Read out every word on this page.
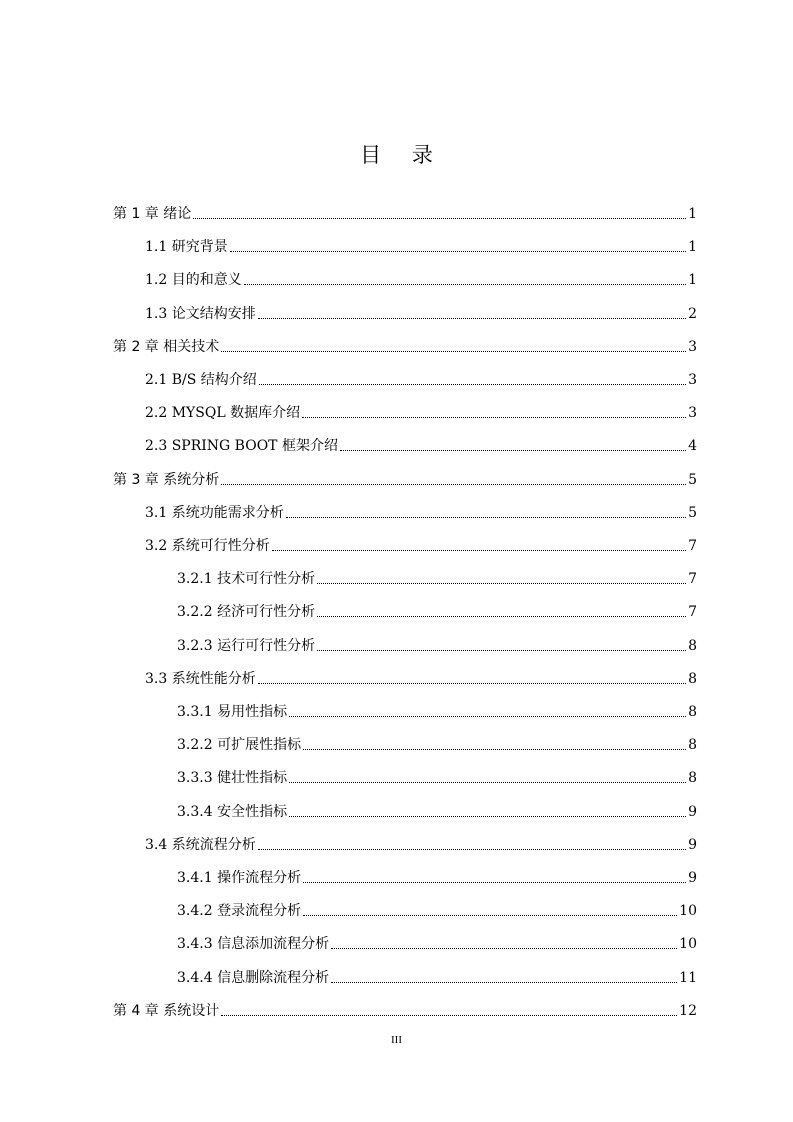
目 录
第 1 章 绪论	1
1.1 研究背景	1
1.2 目的和意义	1
1.3 论文结构安排	2
第 2 章 相关技术	3
2.1 B/S 结构介绍	3
2.2 MYSQL 数据库介绍	3
2.3 SPRING BOOT 框架介绍	4
第 3 章 系统分析	5
3.1 系统功能需求分析	5
3.2 系统可行性分析	7
3.2.1 技术可行性分析	7
3.2.2 经济可行性分析	7
3.2.3 运行可行性分析	8
3.3 系统性能分析	8
3.3.1 易用性指标	8
3.2.2 可扩展性指标	8
3.3.3 健壮性指标	8
3.3.4 安全性指标	9
3.4 系统流程分析	9
3.4.1 操作流程分析	9
3.4.2 登录流程分析	10
3.4.3 信息添加流程分析	10
3.4.4 信息删除流程分析	11
第 4 章 系统设计	12
III
